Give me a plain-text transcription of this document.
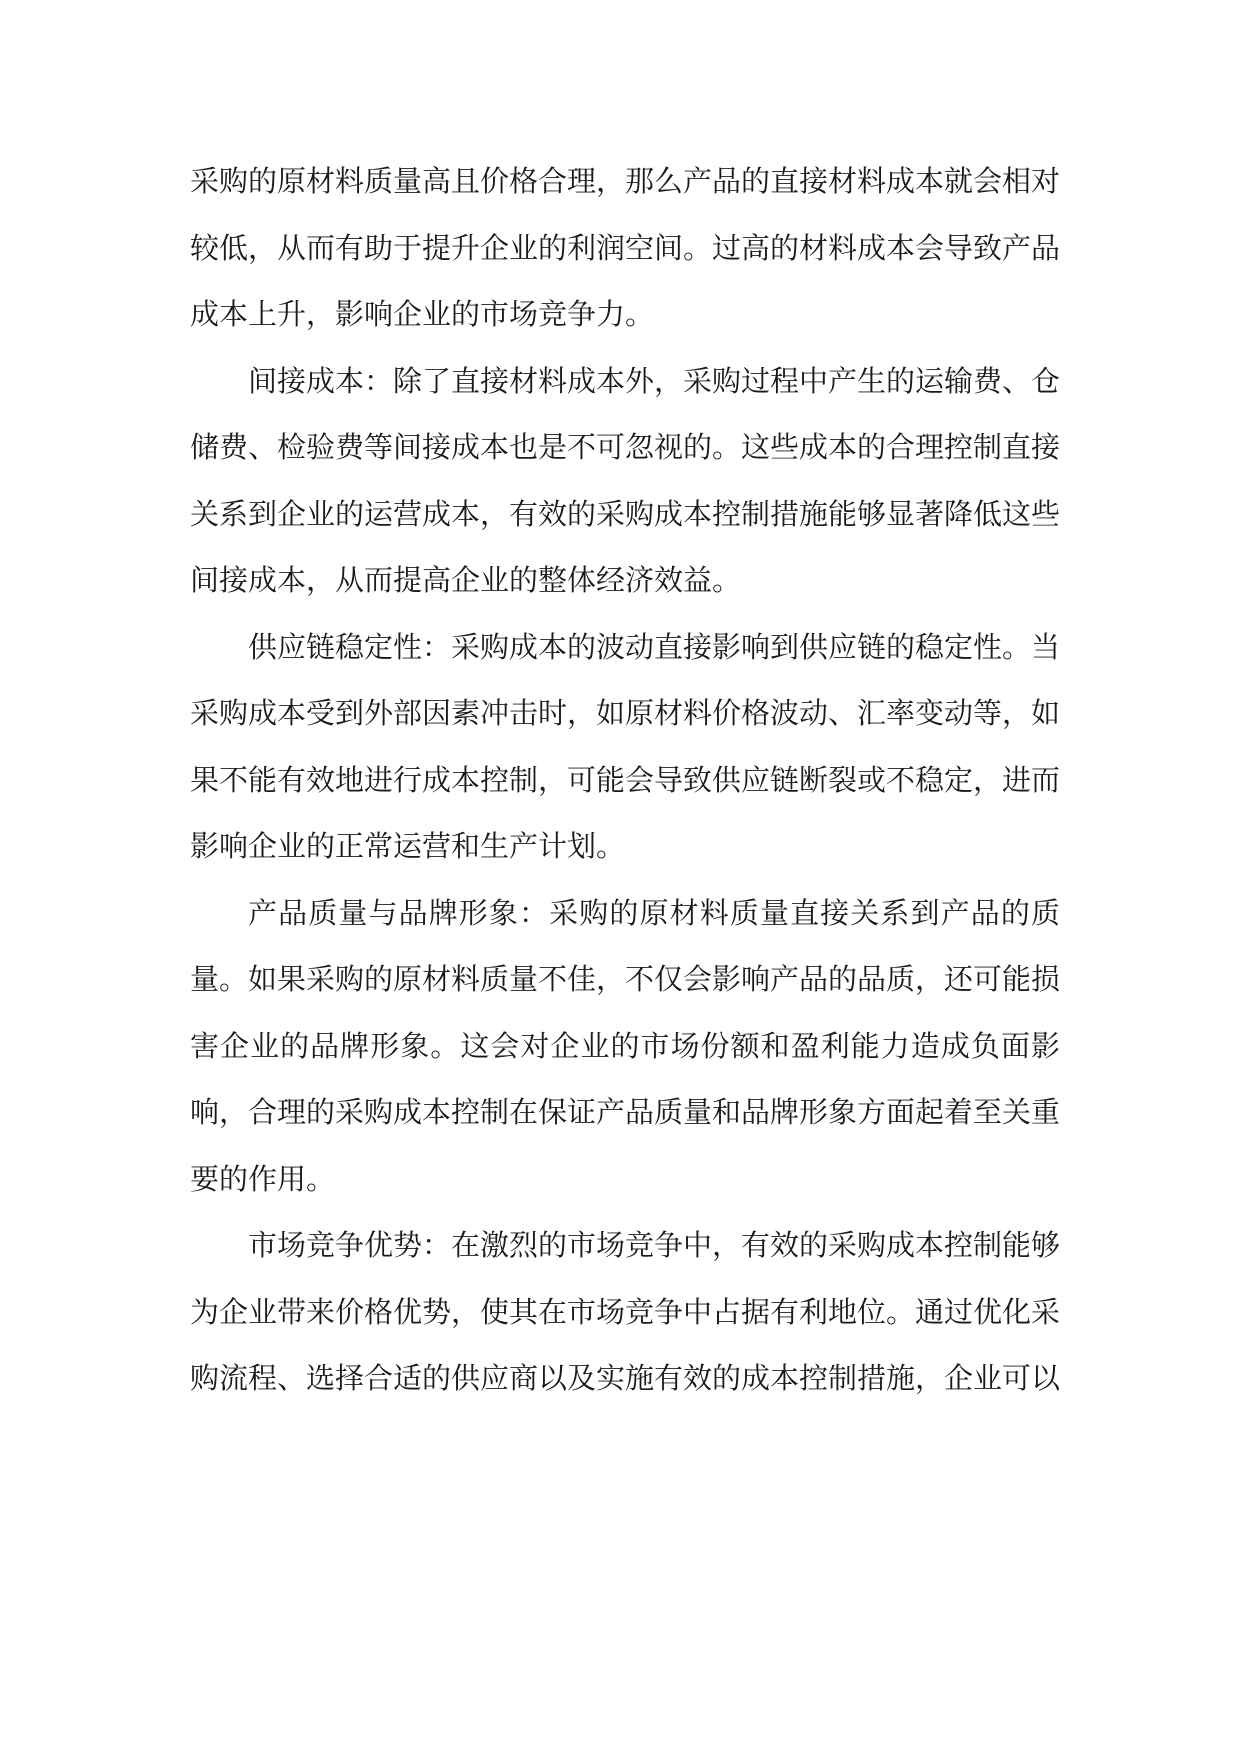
采购的原材料质量高且价格合理，那么产品的直接材料成本就会相对较低，从而有助于提升企业的利润空间。过高的材料成本会导致产品成本上升，影响企业的市场竞争力。

间接成本：除了直接材料成本外，采购过程中产生的运输费、仓储费、检验费等间接成本也是不可忽视的。这些成本的合理控制直接关系到企业的运营成本，有效的采购成本控制措施能够显著降低这些间接成本，从而提高企业的整体经济效益。

供应链稳定性：采购成本的波动直接影响到供应链的稳定性。当采购成本受到外部因素冲击时，如原材料价格波动、汇率变动等，如果不能有效地进行成本控制，可能会导致供应链断裂或不稳定，进而影响企业的正常运营和生产计划。

产品质量与品牌形象：采购的原材料质量直接关系到产品的质量。如果采购的原材料质量不佳，不仅会影响产品的品质，还可能损害企业的品牌形象。这会对企业的市场份额和盈利能力造成负面影响，合理的采购成本控制在保证产品质量和品牌形象方面起着至关重要的作用。

市场竞争优势：在激烈的市场竞争中，有效的采购成本控制能够为企业带来价格优势，使其在市场竞争中占据有利地位。通过优化采购流程、选择合适的供应商以及实施有效的成本控制措施，企业可以
